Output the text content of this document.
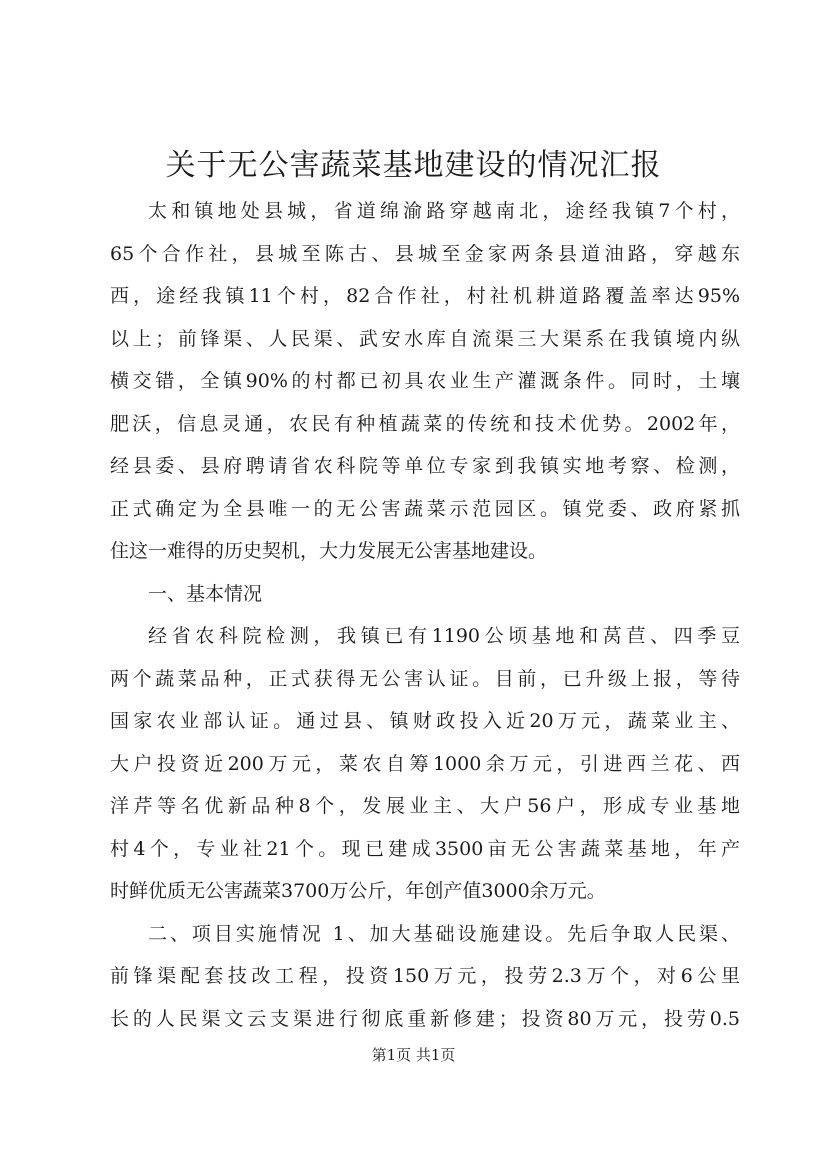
关于无公害蔬菜基地建设的情况汇报
太和镇地处县城，省道绵渝路穿越南北，途经我镇7个村，
65个合作社，县城至陈古、县城至金家两条县道油路，穿越东
西，途经我镇11个村，82合作社，村社机耕道路覆盖率达95%
以上；前锋渠、人民渠、武安水库自流渠三大渠系在我镇境内纵
横交错，全镇90%的村都已初具农业生产灌溉条件。同时，土壤
肥沃，信息灵通，农民有种植蔬菜的传统和技术优势。2002年，
经县委、县府聘请省农科院等单位专家到我镇实地考察、检测，
正式确定为全县唯一的无公害蔬菜示范园区。镇党委、政府紧抓
住这一难得的历史契机，大力发展无公害基地建设。
一、基本情况
经省农科院检测，我镇已有1190公顷基地和莴苣、四季豆
两个蔬菜品种，正式获得无公害认证。目前，已升级上报，等待
国家农业部认证。通过县、镇财政投入近20万元，蔬菜业主、
大户投资近200万元，菜农自筹1000余万元，引进西兰花、西
洋芹等名优新品种8个，发展业主、大户56户，形成专业基地
村4个，专业社21个。现已建成3500亩无公害蔬菜基地，年产
时鲜优质无公害蔬菜3700万公斤，年创产值3000余万元。
二、项目实施情况 1、加大基础设施建设。先后争取人民渠、
前锋渠配套技改工程，投资150万元，投劳2.3万个，对6公里
长的人民渠文云支渠进行彻底重新修建；投资80万元，投劳0.5
第1页 共1页
